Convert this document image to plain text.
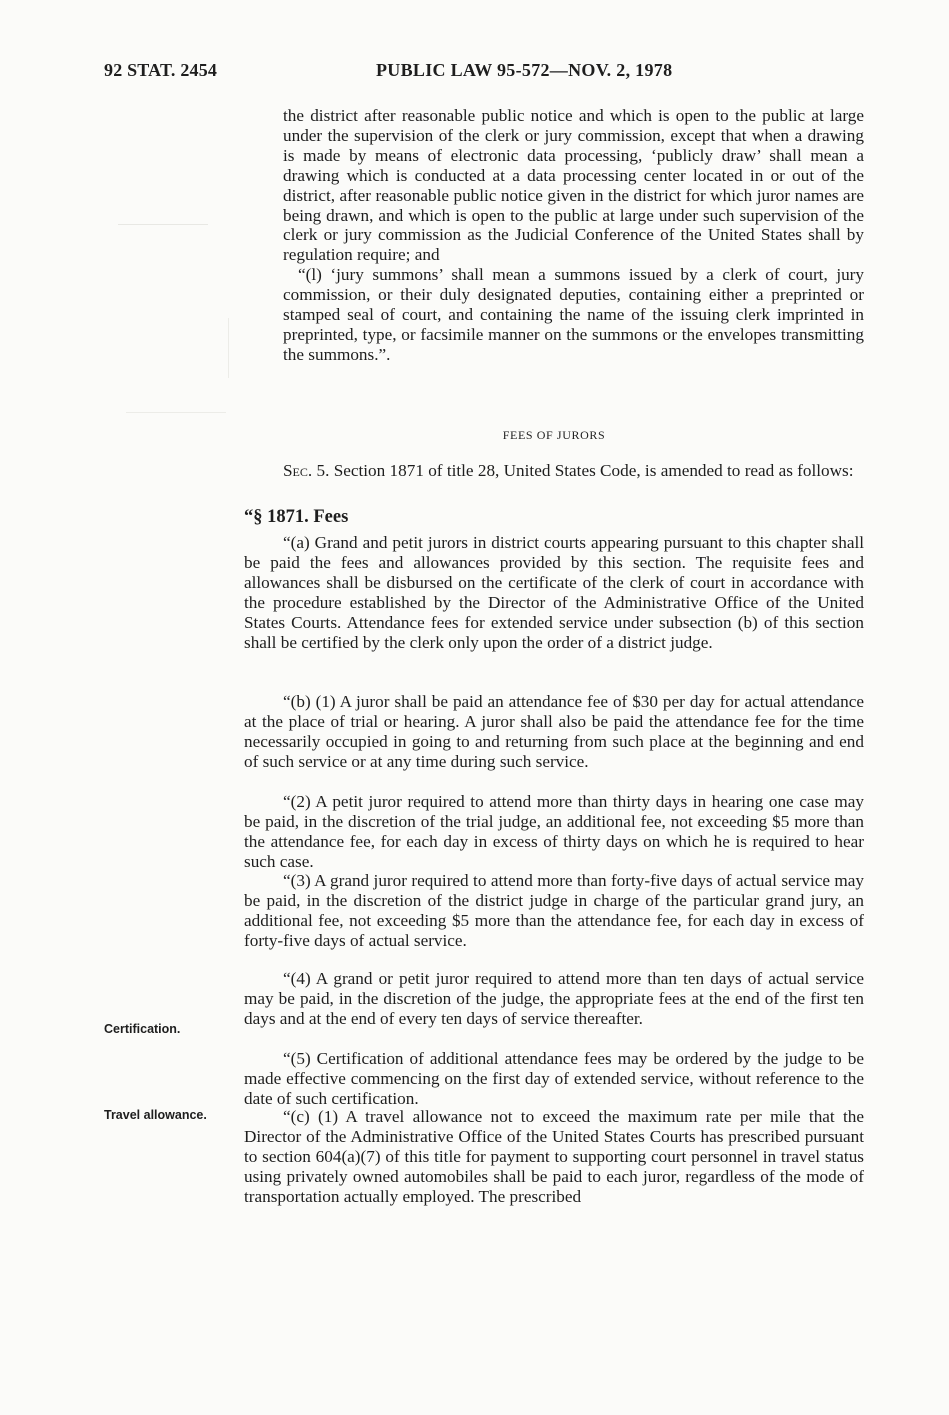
92 STAT. 2454	PUBLIC LAW 95-572—NOV. 2, 1978

the district after reasonable public notice and which is open to the public at large under the supervision of the clerk or jury commission, except that when a drawing is made by means of electronic data processing, ‘publicly draw’ shall mean a drawing which is conducted at a data processing center located in or out of the district, after reasonable public notice given in the district for which juror names are being drawn, and which is open to the public at large under such supervision of the clerk or jury commission as the Judicial Conference of the United States shall by regulation require; and

“(l) ‘jury summons’ shall mean a summons issued by a clerk of court, jury commission, or their duly designated deputies, containing either a preprinted or stamped seal of court, and containing the name of the issuing clerk imprinted in preprinted, type, or facsimile manner on the summons or the envelopes transmitting the summons.”.

FEES OF JURORS

Sec. 5. Section 1871 of title 28, United States Code, is amended to read as follows:

“§ 1871. Fees

“(a) Grand and petit jurors in district courts appearing pursuant to this chapter shall be paid the fees and allowances provided by this section. The requisite fees and allowances shall be disbursed on the certificate of the clerk of court in accordance with the procedure established by the Director of the Administrative Office of the United States Courts. Attendance fees for extended service under subsection (b) of this section shall be certified by the clerk only upon the order of a district judge.

“(b) (1) A juror shall be paid an attendance fee of $30 per day for actual attendance at the place of trial or hearing. A juror shall also be paid the attendance fee for the time necessarily occupied in going to and returning from such place at the beginning and end of such service or at any time during such service.

“(2) A petit juror required to attend more than thirty days in hearing one case may be paid, in the discretion of the trial judge, an additional fee, not exceeding $5 more than the attendance fee, for each day in excess of thirty days on which he is required to hear such case.

“(3) A grand juror required to attend more than forty-five days of actual service may be paid, in the discretion of the district judge in charge of the particular grand jury, an additional fee, not exceeding $5 more than the attendance fee, for each day in excess of forty-five days of actual service.

“(4) A grand or petit juror required to attend more than ten days of actual service may be paid, in the discretion of the judge, the appropriate fees at the end of the first ten days and at the end of every ten days of service thereafter.

Certification.

“(5) Certification of additional attendance fees may be ordered by the judge to be made effective commencing on the first day of extended service, without reference to the date of such certification.

Travel allowance.	“(c) (1) A travel allowance not to exceed the maximum rate per mile that the Director of the Administrative Office of the United States Courts has prescribed pursuant to section 604(a)(7) of this title for payment to supporting court personnel in travel status using privately owned automobiles shall be paid to each juror, regardless of the mode of transportation actually employed. The prescribed
